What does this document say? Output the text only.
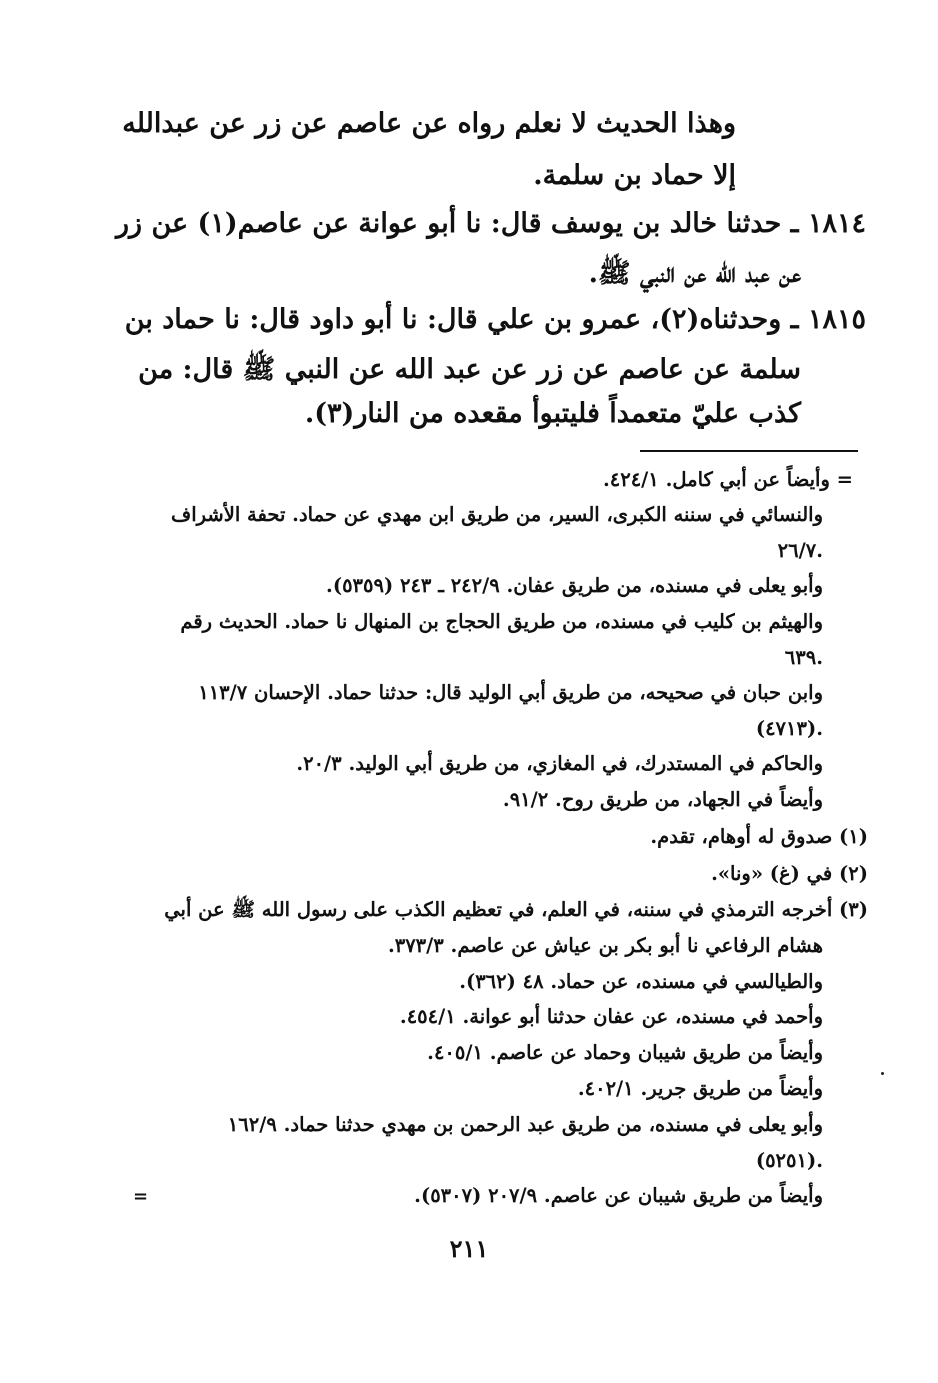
وهذا الحديث لا نعلم رواه عن عاصم عن زر عن عبدالله
إلا حماد بن سلمة.
١٨١٤ ـ حدثنا خالد بن يوسف قال: نا أبو عوانة عن عاصم(١) عن زر
عن عبد الله عن النبي ﷺ.
١٨١٥ ـ وحدثناه(٢)، عمرو بن علي قال: نا أبو داود قال: نا حماد بن
سلمة عن عاصم عن زر عن عبد الله عن النبي ﷺ قال: من
كذب عليّ متعمداً فليتبوأ مقعده من النار(٣).
= وأيضاً عن أبي كامل. ٤٢٤/١.
والنسائي في سننه الكبرى، السير، من طريق ابن مهدي عن حماد. تحفة الأشراف
.٢٦/٧
وأبو يعلى في مسنده، من طريق عفان. ٢٤٢/٩ ـ ٢٤٣ (٥٣٥٩).
والهيثم بن كليب في مسنده، من طريق الحجاج بن المنهال نا حماد. الحديث رقم
.٦٣٩
وابن حبان في صحيحه، من طريق أبي الوليد قال: حدثنا حماد. الإحسان ١١٣/٧
.(٤٧١٣)
والحاكم في المستدرك، في المغازي، من طريق أبي الوليد. ٢٠/٣.
وأيضاً في الجهاد، من طريق روح. ٩١/٢.
(١) صدوق له أوهام، تقدم.
(٢) في (غ) «ونا».
(٣) أخرجه الترمذي في سننه، في العلم، في تعظيم الكذب على رسول الله ﷺ عن أبي
هشام الرفاعي نا أبو بكر بن عياش عن عاصم. ٣٧٣/٣.
والطيالسي في مسنده، عن حماد. ٤٨ (٣٦٢).
وأحمد في مسنده، عن عفان حدثنا أبو عوانة. ٤٥٤/١.
وأيضاً من طريق شيبان وحماد عن عاصم. ٤٠٥/١.
وأيضاً من طريق جرير. ٤٠٢/١.
وأبو يعلى في مسنده، من طريق عبد الرحمن بن مهدي حدثنا حماد. ١٦٢/٩
.(٥٢٥١)
وأيضاً من طريق شيبان عن عاصم. ٢٠٧/٩ (٥٣٠٧).
=
٢١١
